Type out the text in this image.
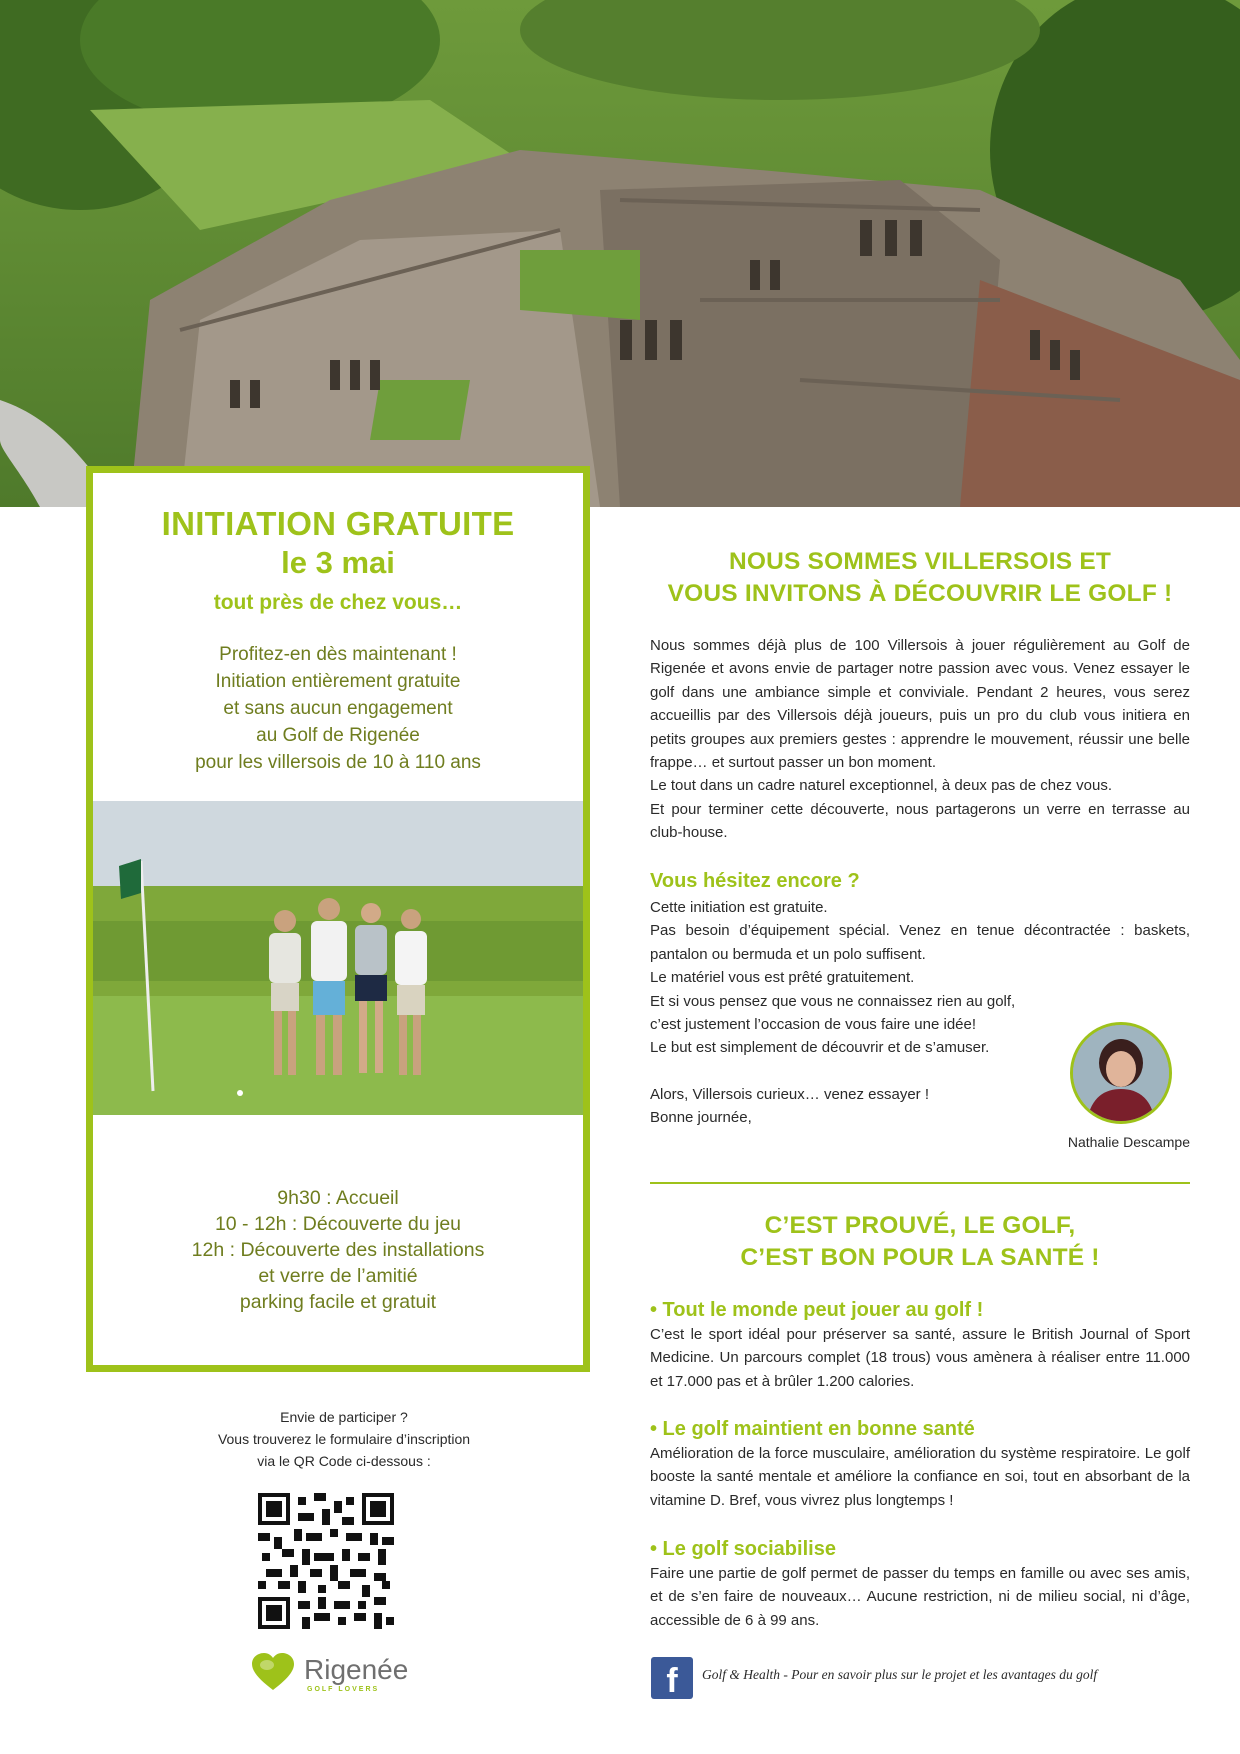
INITIATION GRATUITE
le 3 mai
tout près de chez vous…
Profitez-en dès maintenant !
Initiation entièrement gratuite
et sans aucun engagement
au Golf de Rigenée
pour les villersois de 10 à 110 ans
9h30 : Accueil
10 - 12h : Découverte du jeu
12h : Découverte des installations
et verre de l’amitié
parking facile et gratuit
Envie de participer ?
Vous trouverez le formulaire d’inscription
via le QR Code ci-dessous :
Rigenée
GOLF LOVERS
NOUS SOMMES VILLERSOIS ET
VOUS INVITONS À DÉCOUVRIR LE GOLF !
Nous sommes déjà plus de 100 Villersois à jouer régulièrement au Golf de Rigenée et avons envie de partager notre passion avec vous. Venez essayer le golf dans une ambiance simple et conviviale. Pendant 2 heures, vous serez accueillis par des Villersois déjà joueurs, puis un pro du club vous initiera en petits groupes aux premiers gestes : apprendre le mouvement, réussir une belle frappe… et surtout passer un bon moment.
Le tout dans un cadre naturel exceptionnel, à deux pas de chez vous.
Et pour terminer cette découverte, nous partagerons un verre en terrasse au club-house.
Vous hésitez encore ?
Cette initiation est gratuite.
Pas besoin d’équipement spécial. Venez en tenue décontractée : baskets, pantalon ou bermuda et un polo suffisent.
Le matériel vous est prêté gratuitement.
Et si vous pensez que vous ne connaissez rien au golf,
c’est justement l’occasion de vous faire une idée!
Le but est simplement de découvrir et de s’amuser.
Alors, Villersois curieux… venez essayer !
Bonne journée,
Nathalie Descampe
C’EST PROUVÉ, LE GOLF,
C’EST BON POUR LA SANTÉ !
• Tout le monde peut jouer au golf !
C’est le sport idéal pour préserver sa santé, assure le British Journal of Sport Medicine. Un parcours complet (18 trous) vous amènera à réaliser entre 11.000 et 17.000 pas et à brûler 1.200 calories.
• Le golf maintient en bonne santé
Amélioration de la force musculaire, amélioration du système respiratoire. Le golf booste la santé mentale et améliore la confiance en soi, tout en absorbant de la vitamine D. Bref, vous vivrez plus longtemps !
• Le golf sociabilise
Faire une partie de golf permet de passer du temps en famille ou avec ses amis, et de s’en faire de nouveaux… Aucune restriction, ni de milieu social, ni d’âge, accessible de 6 à 99 ans.
f	Golf & Health - Pour en savoir plus sur le projet et les avantages du golf
